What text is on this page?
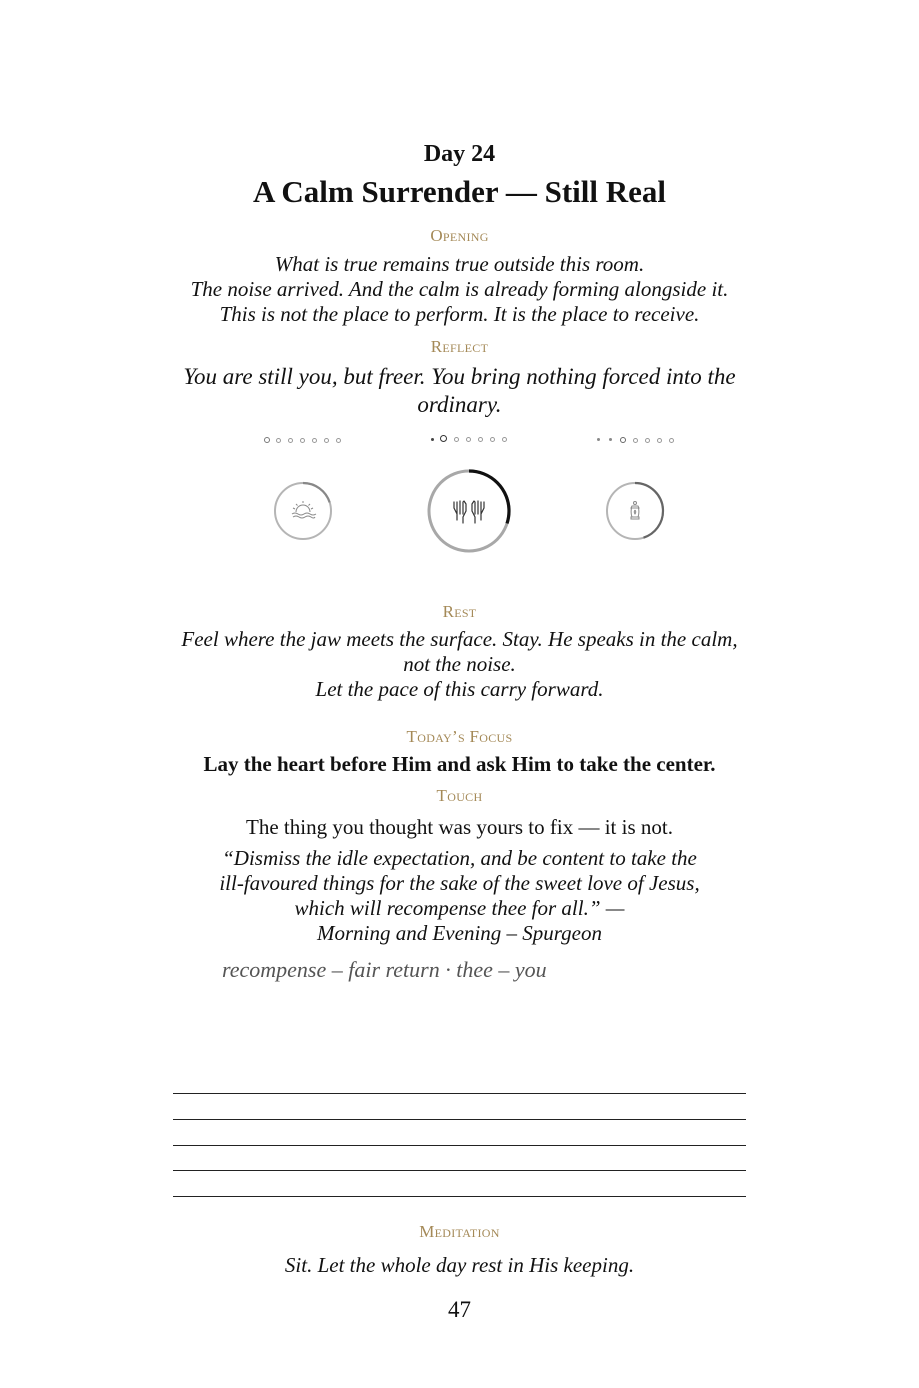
Day 24
A Calm Surrender — Still Real
Opening
What is true remains true outside this room.
The noise arrived. And the calm is already forming alongside it.
This is not the place to perform. It is the place to receive.
Reflect
You are still you, but freer. You bring nothing forced into the
ordinary.
Rest
Feel where the jaw meets the surface. Stay. He speaks in the calm,
not the noise.
Let the pace of this carry forward.
Today’s Focus
Lay the heart before Him and ask Him to take the center.
Touch
The thing you thought was yours to fix — it is not.
“Dismiss the idle expectation, and be content to take the
ill-favoured things for the sake of the sweet love of Jesus,
which will recompense thee for all.” —
Morning and Evening – Spurgeon
recompense – fair return · thee – you
Meditation
Sit. Let the whole day rest in His keeping.
47
